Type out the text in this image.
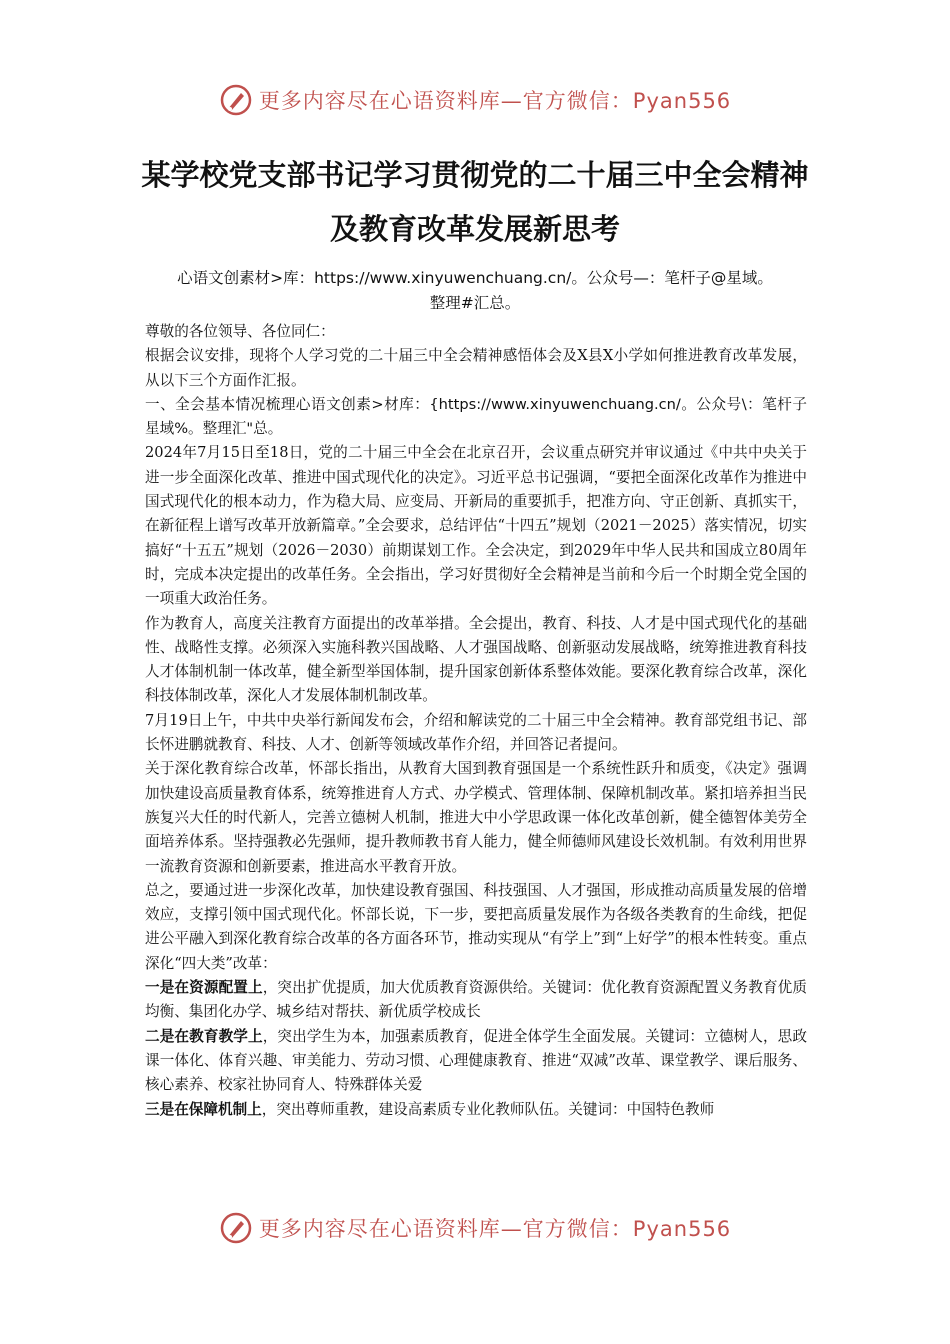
更多内容尽在心语资料库—官方微信：Pyan556
某学校党支部书记学习贯彻党的二十届三中全会精神
及教育改革发展新思考
心语文创素材>库：https://www.xinyuwenchuang.cn/。公众号—：笔杆子@星域。
整理#汇总。

尊敬的各位领导、各位同仁：

根据会议安排，现将个人学习党的二十届三中全会精神感悟体会及X县X小学如何推进教育改革发展，从以下三个方面作汇报。

一、全会基本情况梳理心语文创素>材库：{https://www.xinyuwenchuang.cn/。公众号\：笔杆子星域%。整理汇"总。

2024年7月15日至18日，党的二十届三中全会在北京召开，会议重点研究并审议通过《中共中央关于进一步全面深化改革、推进中国式现代化的决定》。习近平总书记强调，“要把全面深化改革作为推进中国式现代化的根本动力，作为稳大局、应变局、开新局的重要抓手，把准方向、守正创新、真抓实干，在新征程上谱写改革开放新篇章。”全会要求，总结评估“十四五”规划（2021－2025）落实情况，切实搞好“十五五”规划（2026－2030）前期谋划工作。全会决定，到2029年中华人民共和国成立80周年时，完成本决定提出的改革任务。全会指出，学习好贯彻好全会精神是当前和今后一个时期全党全国的一项重大政治任务。

作为教育人，高度关注教育方面提出的改革举措。全会提出，教育、科技、人才是中国式现代化的基础性、战略性支撑。必须深入实施科教兴国战略、人才强国战略、创新驱动发展战略，统筹推进教育科技人才体制机制一体改革，健全新型举国体制，提升国家创新体系整体效能。要深化教育综合改革，深化科技体制改革，深化人才发展体制机制改革。

7月19日上午，中共中央举行新闻发布会，介绍和解读党的二十届三中全会精神。教育部党组书记、部长怀进鹏就教育、科技、人才、创新等领域改革作介绍，并回答记者提问。

关于深化教育综合改革，怀部长指出，从教育大国到教育强国是一个系统性跃升和质变，《决定》强调加快建设高质量教育体系，统筹推进育人方式、办学模式、管理体制、保障机制改革。紧扣培养担当民族复兴大任的时代新人，完善立德树人机制，推进大中小学思政课一体化改革创新，健全德智体美劳全面培养体系。坚持强教必先强师，提升教师教书育人能力，健全师德师风建设长效机制。有效利用世界一流教育资源和创新要素，推进高水平教育开放。

总之，要通过进一步深化改革，加快建设教育强国、科技强国、人才强国，形成推动高质量发展的倍增效应，支撑引领中国式现代化。怀部长说，下一步，要把高质量发展作为各级各类教育的生命线，把促进公平融入到深化教育综合改革的各方面各环节，推动实现从“有学上”到“上好学”的根本性转变。重点深化“四大类”改革：

一是在资源配置上，突出扩优提质，加大优质教育资源供给。关键词：优化教育资源配置义务教育优质均衡、集团化办学、城乡结对帮扶、新优质学校成长

二是在教育教学上，突出学生为本，加强素质教育，促进全体学生全面发展。关键词：立德树人，思政课一体化、体育兴趣、审美能力、劳动习惯、心理健康教育、推进“双减”改革、课堂教学、课后服务、核心素养、校家社协同育人、特殊群体关爱

三是在保障机制上，突出尊师重教，建设高素质专业化教师队伍。关键词：中国特色教师

更多内容尽在心语资料库—官方微信：Pyan556
